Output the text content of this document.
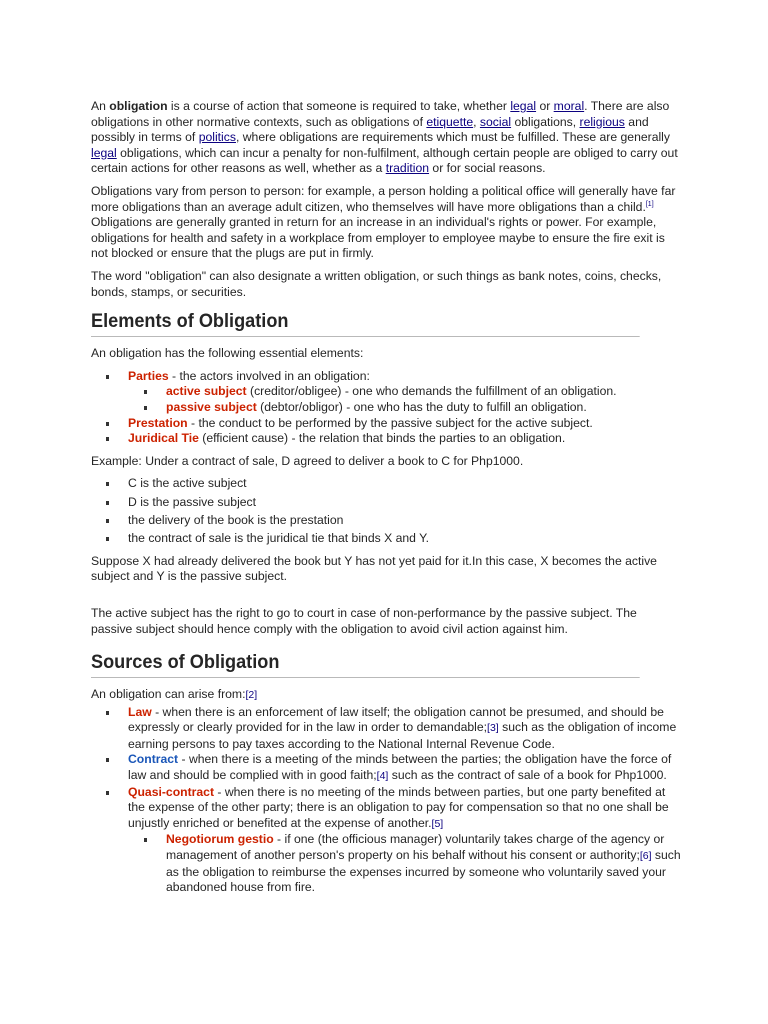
An obligation is a course of action that someone is required to take, whether legal or moral. There are also obligations in other normative contexts, such as obligations of etiquette, social obligations, religious and possibly in terms of politics, where obligations are requirements which must be fulfilled. These are generally legal obligations, which can incur a penalty for non-fulfilment, although certain people are obliged to carry out certain actions for other reasons as well, whether as a tradition or for social reasons.

Obligations vary from person to person: for example, a person holding a political office will generally have far more obligations than an average adult citizen, who themselves will have more obligations than a child.[1] Obligations are generally granted in return for an increase in an individual's rights or power. For example, obligations for health and safety in a workplace from employer to employee maybe to ensure the fire exit is not blocked or ensure that the plugs are put in firmly.

The word "obligation" can also designate a written obligation, or such things as bank notes, coins, checks, bonds, stamps, or securities.

Elements of Obligation

An obligation has the following essential elements:

Parties - the actors involved in an obligation:
active subject (creditor/obligee) - one who demands the fulfillment of an obligation.
passive subject (debtor/obligor) - one who has the duty to fulfill an obligation.
Prestation - the conduct to be performed by the passive subject for the active subject.
Juridical Tie (efficient cause) - the relation that binds the parties to an obligation.

Example: Under a contract of sale, D agreed to deliver a book to C for Php1000.

C is the active subject
D is the passive subject
the delivery of the book is the prestation
the contract of sale is the juridical tie that binds X and Y.

Suppose X had already delivered the book but Y has not yet paid for it.In this case, X becomes the active subject and Y is the passive subject.

The active subject has the right to go to court in case of non-performance by the passive subject. The passive subject should hence comply with the obligation to avoid civil action against him.

Sources of Obligation

An obligation can arise from:[2]

Law - when there is an enforcement of law itself; the obligation cannot be presumed, and should be expressly or clearly provided for in the law in order to demandable;[3] such as the obligation of income earning persons to pay taxes according to the National Internal Revenue Code.
Contract - when there is a meeting of the minds between the parties; the obligation have the force of law and should be complied with in good faith;[4] such as the contract of sale of a book for Php1000.
Quasi-contract - when there is no meeting of the minds between parties, but one party benefited at the expense of the other party; there is an obligation to pay for compensation so that no one shall be unjustly enriched or benefited at the expense of another.[5]
Negotiorum gestio - if one (the officious manager) voluntarily takes charge of the agency or management of another person's property on his behalf without his consent or authority;[6] such as the obligation to reimburse the expenses incurred by someone who voluntarily saved your abandoned house from fire.
